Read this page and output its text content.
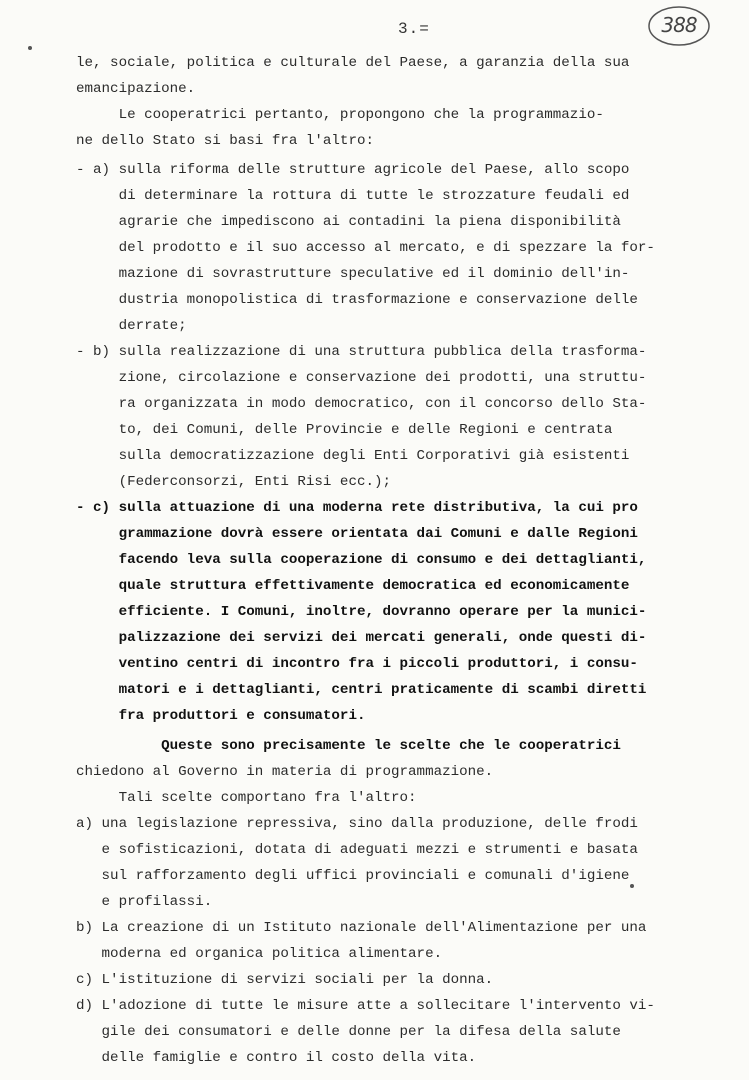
3.=	388
le, sociale, politica e culturale del Paese, a garanzia della sua
emancipazione.
Le cooperatrici pertanto, propongono che la programmazio-
ne dello Stato si basi fra l'altro:
- a) sulla riforma delle strutture agricole del Paese, allo scopo
di determinare la rottura di tutte le strozzature feudali ed
agrarie che impediscono ai contadini la piena disponibilità
del prodotto e il suo accesso al mercato, e di spezzare la for-
mazione di sovrastrutture speculative ed il dominio dell'in-
dustria monopolistica di trasformazione e conservazione delle
derrate;
- b) sulla realizzazione di una struttura pubblica della trasforma-
zione, circolazione e conservazione dei prodotti, una struttu-
ra organizzata in modo democratico, con il concorso dello Sta-
to, dei Comuni, delle Provincie e delle Regioni e centrata
sulla democratizzazione degli Enti Corporativi già esistenti
(Federconsorzi, Enti Risi ecc.);
- c) sulla attuazione di una moderna rete distributiva, la cui pro
grammazione dovrà essere orientata dai Comuni e dalle Regioni
facendo leva sulla cooperazione di consumo e dei dettaglianti,
quale struttura effettivamente democratica ed economicamente
efficiente. I Comuni, inoltre, dovranno operare per la munici-
palizzazione dei servizi dei mercati generali, onde questi di-
ventino centri di incontro fra i piccoli produttori, i consu-
matori e i dettaglianti, centri praticamente di scambi diretti
fra produttori e consumatori.
Queste sono precisamente le scelte che le cooperatrici
chiedono al Governo in materia di programmazione.
Tali scelte comportano fra l'altro:
a) una legislazione repressiva, sino dalla produzione, delle frodi
e sofisticazioni, dotata di adeguati mezzi e strumenti e basata
sul rafforzamento degli uffici provinciali e comunali d'igiene
e profilassi.
b) La creazione di un Istituto nazionale dell'Alimentazione per una
moderna ed organica politica alimentare.
c) L'istituzione di servizi sociali per la donna.
d) L'adozione di tutte le misure atte a sollecitare l'intervento vi-
gile dei consumatori e delle donne per la difesa della salute
delle famiglie e contro il costo della vita.
